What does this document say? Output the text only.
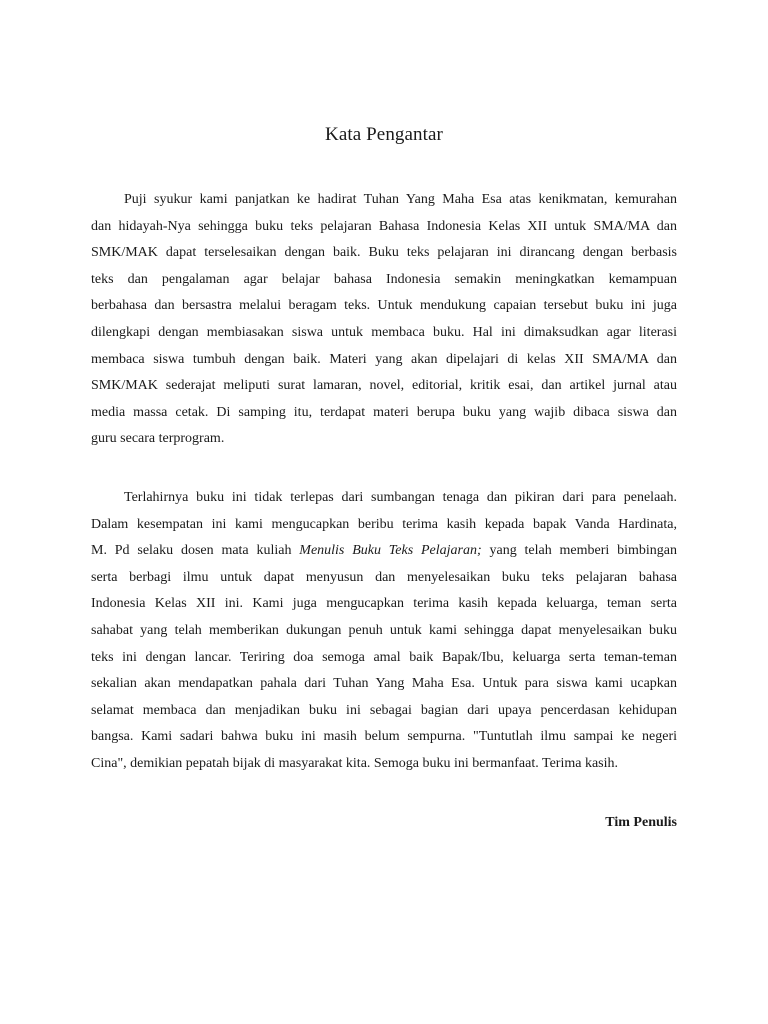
Kata Pengantar
Puji syukur kami panjatkan ke hadirat Tuhan Yang Maha Esa atas kenikmatan, kemurahan
dan hidayah-Nya sehingga buku teks pelajaran Bahasa Indonesia Kelas XII untuk SMA/MA dan
SMK/MAK dapat terselesaikan dengan baik. Buku teks pelajaran ini dirancang dengan berbasis
teks dan pengalaman agar belajar bahasa Indonesia semakin meningkatkan kemampuan
berbahasa dan bersastra melalui beragam teks. Untuk mendukung capaian tersebut buku ini juga
dilengkapi dengan membiasakan siswa untuk membaca buku. Hal ini dimaksudkan agar literasi
membaca siswa tumbuh dengan baik. Materi yang akan dipelajari di kelas XII SMA/MA dan
SMK/MAK sederajat meliputi surat lamaran, novel, editorial, kritik esai, dan artikel jurnal atau
media massa cetak. Di samping itu, terdapat materi berupa buku yang wajib dibaca siswa dan
guru secara terprogram.
Terlahirnya buku ini tidak terlepas dari sumbangan tenaga dan pikiran dari para penelaah.
Dalam kesempatan ini kami mengucapkan beribu terima kasih kepada bapak Vanda Hardinata,
M. Pd selaku dosen mata kuliah Menulis Buku Teks Pelajaran; yang telah memberi bimbingan
serta berbagi ilmu untuk dapat menyusun dan menyelesaikan buku teks pelajaran bahasa
Indonesia Kelas XII ini. Kami juga mengucapkan terima kasih kepada keluarga, teman serta
sahabat yang telah memberikan dukungan penuh untuk kami sehingga dapat menyelesaikan buku
teks ini dengan lancar. Teriring doa semoga amal baik Bapak/Ibu, keluarga serta teman-teman
sekalian akan mendapatkan pahala dari Tuhan Yang Maha Esa. Untuk para siswa kami ucapkan
selamat membaca dan menjadikan buku ini sebagai bagian dari upaya pencerdasan kehidupan
bangsa. Kami sadari bahwa buku ini masih belum sempurna. "Tuntutlah ilmu sampai ke negeri
Cina", demikian pepatah bijak di masyarakat kita. Semoga buku ini bermanfaat. Terima kasih.

Tim Penulis
